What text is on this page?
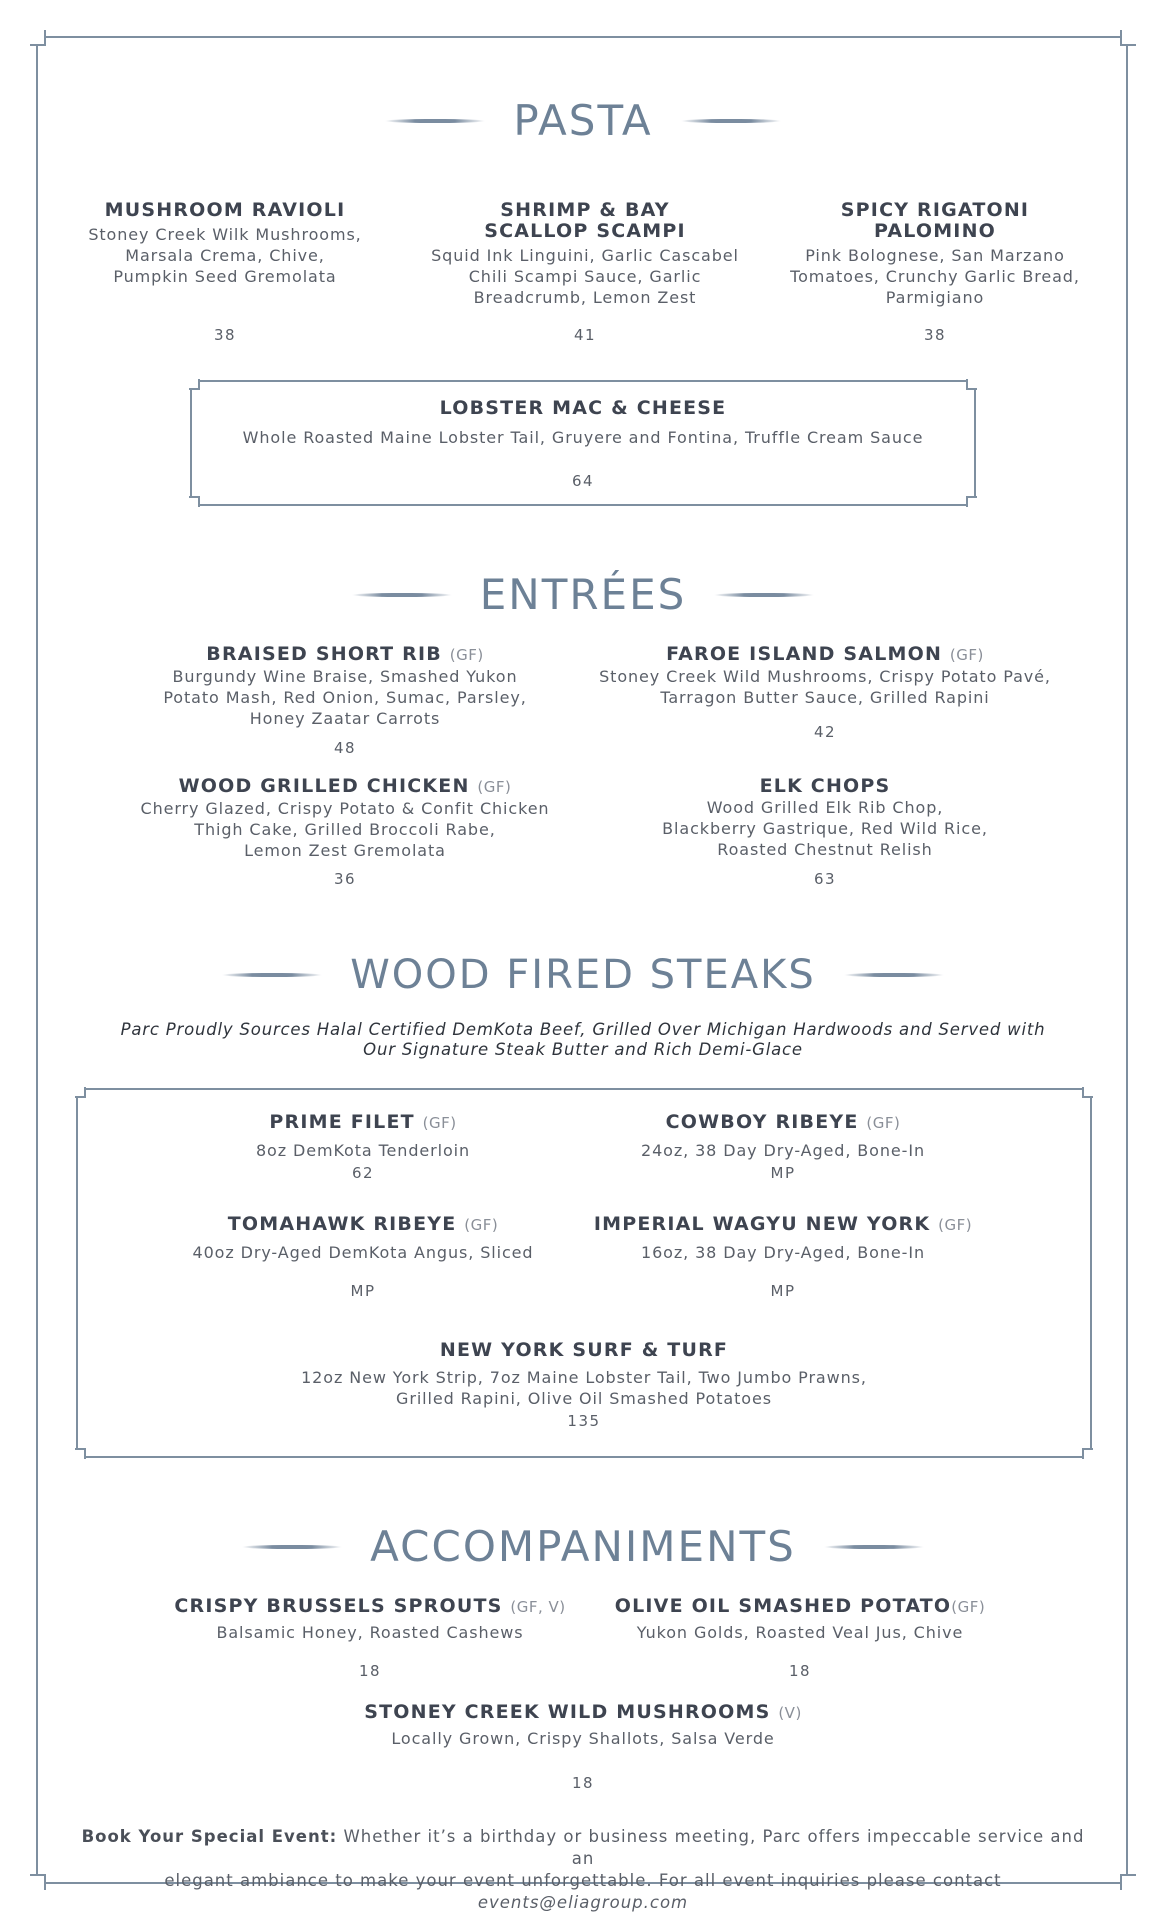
PASTA
MUSHROOM RAVIOLI
Stoney Creek Wilk Mushrooms,
Marsala Crema, Chive,
Pumpkin Seed Gremolata
38
SHRIMP & BAY
SCALLOP SCAMPI
Squid Ink Linguini, Garlic Cascabel
Chili Scampi Sauce, Garlic
Breadcrumb, Lemon Zest
41
SPICY RIGATONI PALOMINO
Pink Bolognese, San Marzano
Tomatoes, Crunchy Garlic Bread,
Parmigiano
38
LOBSTER MAC & CHEESE
Whole Roasted Maine Lobster Tail, Gruyere and Fontina, Truffle Cream Sauce
64
ENTRÉES
BRAISED SHORT RIB (GF)
Burgundy Wine Braise, Smashed Yukon
Potato Mash, Red Onion, Sumac, Parsley,
Honey Zaatar Carrots
48
FAROE ISLAND SALMON (GF)
Stoney Creek Wild Mushrooms, Crispy Potato Pavé,
Tarragon Butter Sauce, Grilled Rapini
42
WOOD GRILLED CHICKEN (GF)
Cherry Glazed, Crispy Potato & Confit Chicken
Thigh Cake, Grilled Broccoli Rabe,
Lemon Zest Gremolata
36
ELK CHOPS
Wood Grilled Elk Rib Chop,
Blackberry Gastrique, Red Wild Rice,
Roasted Chestnut Relish
63
WOOD FIRED STEAKS
Parc Proudly Sources Halal Certified DemKota Beef, Grilled Over Michigan Hardwoods and Served with
Our Signature Steak Butter and Rich Demi-Glace
PRIME FILET (GF)
8oz DemKota Tenderloin
62
COWBOY RIBEYE (GF)
24oz, 38 Day Dry-Aged, Bone-In
MP
TOMAHAWK RIBEYE (GF)
40oz Dry-Aged DemKota Angus, Sliced
MP
IMPERIAL WAGYU NEW YORK (GF)
16oz, 38 Day Dry-Aged, Bone-In
MP
NEW YORK SURF & TURF
12oz New York Strip, 7oz Maine Lobster Tail, Two Jumbo Prawns,
Grilled Rapini, Olive Oil Smashed Potatoes
135
ACCOMPANIMENTS
CRISPY BRUSSELS SPROUTS (GF, V)
Balsamic Honey, Roasted Cashews
18
OLIVE OIL SMASHED POTATO(GF)
Yukon Golds, Roasted Veal Jus, Chive
18
STONEY CREEK WILD MUSHROOMS (V)
Locally Grown, Crispy Shallots, Salsa Verde
18
Book Your Special Event: Whether it’s a birthday or business meeting, Parc offers impeccable service and an
elegant ambiance to make your event unforgettable. For all event inquiries please contact events@eliagroup.com
